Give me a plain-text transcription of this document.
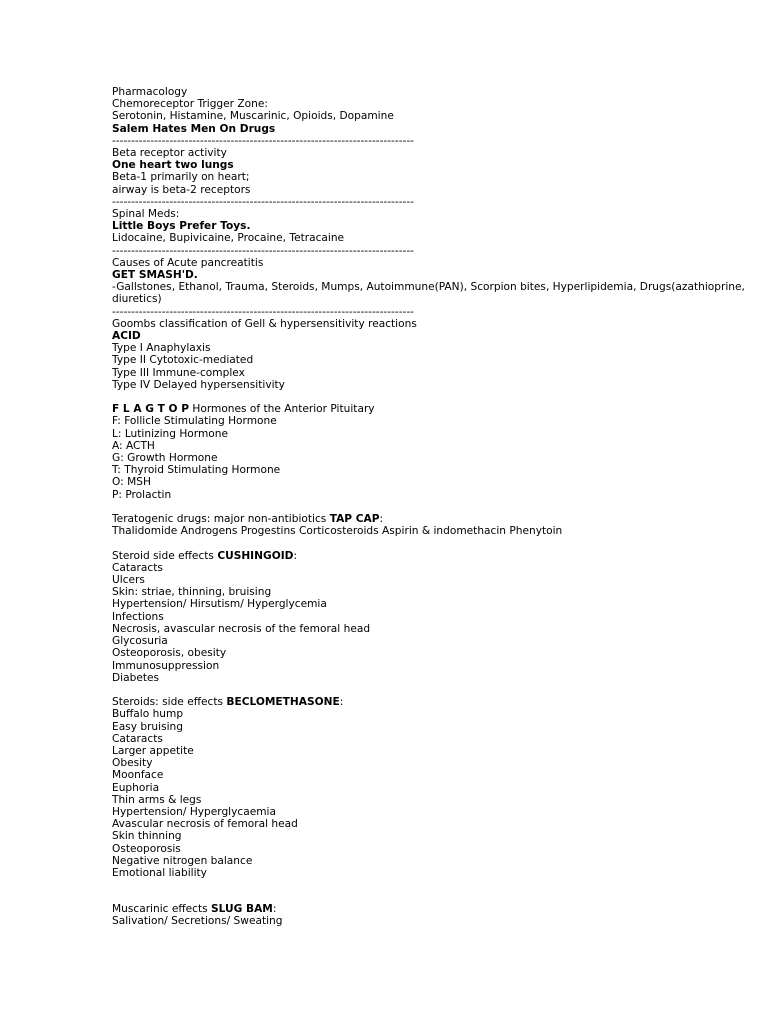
Pharmacology
Chemoreceptor Trigger Zone:
Serotonin, Histamine, Muscarinic, Opioids, Dopamine
Salem Hates Men On Drugs
-------------------------------------------------------------------------------
Beta receptor activity
One heart two lungs
Beta-1 primarily on heart;
airway is beta-2 receptors
-------------------------------------------------------------------------------
Spinal Meds:
Little Boys Prefer Toys.
Lidocaine, Bupivicaine, Procaine, Tetracaine
-------------------------------------------------------------------------------
Causes of Acute pancreatitis
GET SMASH'D.
-Gallstones, Ethanol, Trauma, Steroids, Mumps, Autoimmune(PAN), Scorpion bites, Hyperlipidemia, Drugs(azathioprine, diuretics)
-------------------------------------------------------------------------------
Goombs classification of Gell & hypersensitivity reactions
ACID
Type I Anaphylaxis
Type II Cytotoxic-mediated
Type III Immune-complex
Type IV Delayed hypersensitivity
F L A G T O P Hormones of the Anterior Pituitary
F: Follicle Stimulating Hormone
L: Lutinizing Hormone
A: ACTH
G: Growth Hormone
T: Thyroid Stimulating Hormone
O: MSH
P: Prolactin
Teratogenic drugs: major non-antibiotics TAP CAP:
Thalidomide Androgens Progestins Corticosteroids Aspirin & indomethacin Phenytoin
Steroid side effects CUSHINGOID:
Cataracts
Ulcers
Skin: striae, thinning, bruising
Hypertension/ Hirsutism/ Hyperglycemia
Infections
Necrosis, avascular necrosis of the femoral head
Glycosuria
Osteoporosis, obesity
Immunosuppression
Diabetes
Steroids: side effects BECLOMETHASONE:
Buffalo hump
Easy bruising
Cataracts
Larger appetite
Obesity
Moonface
Euphoria
Thin arms & legs
Hypertension/ Hyperglycaemia
Avascular necrosis of femoral head
Skin thinning
Osteoporosis
Negative nitrogen balance
Emotional liability
Muscarinic effects SLUG BAM:
Salivation/ Secretions/ Sweating
